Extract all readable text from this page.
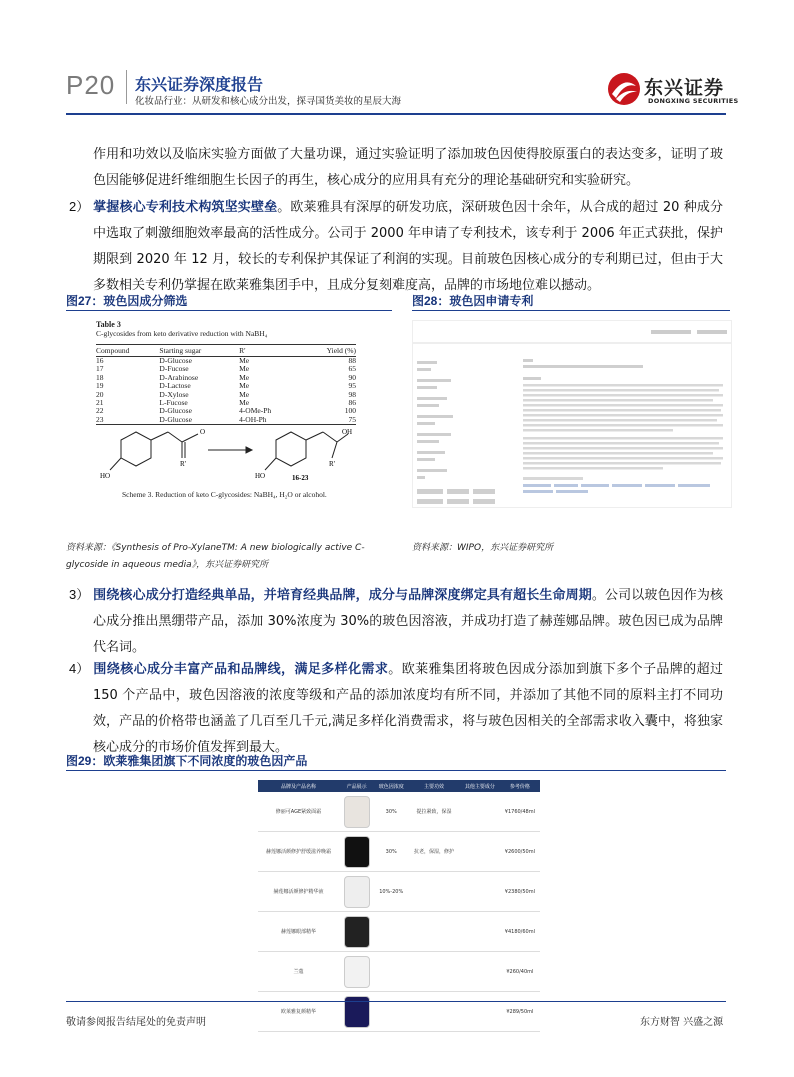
P20 东兴证券深度报告
化妆品行业：从研发和核心成分出发，探寻国货美妆的星辰大海
东兴证券
DONGXING SECURITIES
作用和功效以及临床实验方面做了大量功课，通过实验证明了添加玻色因使得胶原蛋白的表达变多，证明了玻色因能够促进纤维细胞生长因子的再生，核心成分的应用具有充分的理论基础研究和实验研究。
2） 掌握核心专利技术构筑坚实壁垒。欧莱雅具有深厚的研发功底，深研玻色因十余年，从合成的超过 20 种成分中选取了刺激细胞效率最高的活性成分。公司于 2000 年申请了专利技术，该专利于 2006 年正式获批，保护期限到 2020 年 12 月，较长的专利保护其保证了利润的实现。目前玻色因核心成分的专利期已过，但由于大多数相关专利仍掌握在欧莱雅集团手中，且成分复刻难度高，品牌的市场地位难以撼动。
图27：玻色因成分筛选
Table 3
C-glycosides from keto derivative reduction with NaBH₄
Compound	Starting sugar	R'	Yield (%)
16	D-Glucose	Me	88
17	D-Fucose	Me	65
18	D-Arabinose	Me	90
19	D-Lactose	Me	95
20	D-Xylose	Me	98
21	L-Fucose	Me	86
22	D-Glucose	4-OMe-Ph	100
23	D-Glucose	4-OH-Ph	75
R'
O
HO	HO
OH
R'
16-23
Scheme 3. Reduction of keto C-glycosides: NaBH₄, H₂O or alcohol.
资料来源：《Synthesis of Pro-XylaneTM: A new biologically active C-glycoside in aqueous media》，东兴证券研究所
图28：玻色因申请专利
资料来源：WIPO，东兴证券研究所
3） 围绕核心成分打造经典单品，并培育经典品牌，成分与品牌深度绑定具有超长生命周期。公司以玻色因作为核心成分推出黑绷带产品，添加 30%浓度为 30%的玻色因溶液，并成功打造了赫莲娜品牌。玻色因已成为品牌代名词。
4） 围绕核心成分丰富产品和品牌线，满足多样化需求。欧莱雅集团将玻色因成分添加到旗下多个子品牌的超过 150 个产品中，玻色因溶液的浓度等级和产品的添加浓度均有所不同，并添加了其他不同的原料主打不同功效，产品的价格带也涵盖了几百至几千元,满足多样化消费需求，将与玻色因相关的全部需求收入囊中，将独家核心成分的市场价值发挥到最大。
图29：欧莱雅集团旗下不同浓度的玻色因产品
品牌及产品名称	产品展示	玻色因浓度	主要功效	其他主要成分	参考价格
修丽可AGE紧致面霜		30%	提拉紧致，保湿		¥1760/48ml
赫莲娜活颜修护舒缓滋养晚霜		30%	抗老，保湿，修护		¥2600/50ml
赫莲娜活颜修护精华液		10%-20%			¥2380/50ml
赫莲娜眼部精华					¥4180/60ml
兰蔻					¥260/40ml
欧莱雅复颜精华					¥289/50ml
敬请参阅报告结尾处的免责声明	东方财智 兴盛之源
